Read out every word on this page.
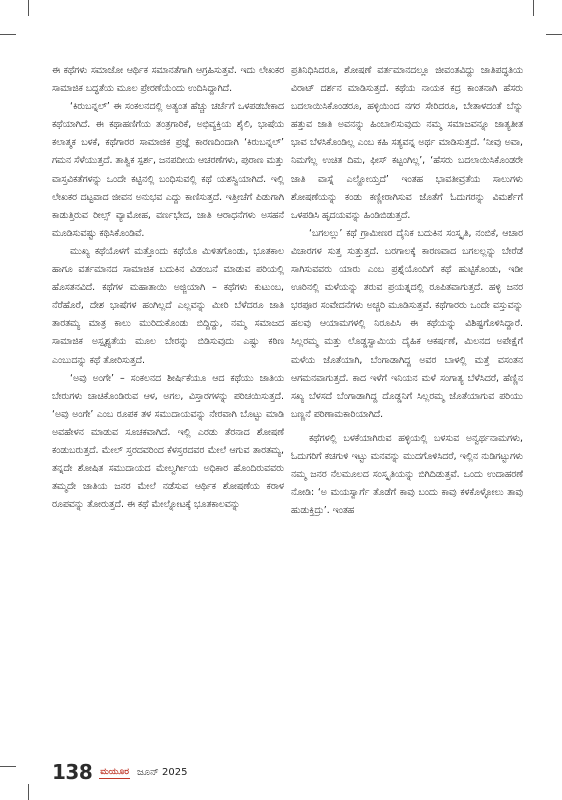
ಈ ಕಥೆಗಳು ಸಮಾಜೋ ಆರ್ಥಿಕ ಸಮಾನತೆಗಾಗಿ ಆಗ್ರಹಿಸುತ್ತವೆ. ಇದು ಲೇಖಕರ ಸಾಮಾಜಿಕ ಬದ್ಧತೆಯ ಮೂಲ ಪ್ರೇರಣೆಯೆಂದು ಉದಿಸಿದ್ದಾಗಿದೆ.

‘ಕಿರುಬನ್ನಲ್’ ಈ ಸಂಕಲನದಲ್ಲಿ ಅತ್ಯಂತ ಹೆಚ್ಚು ಚರ್ಚೆಗೆ ಒಳಪಡಬೇಕಾದ ಕಥೆಯಾಗಿದೆ. ಈ ಕಥಾಹಣಿಗೆಯ ತಂತ್ರಗಾರಿಕೆ, ಅಭಿವ್ಯಕ್ತಿಯ ಶೈಲಿ, ಭಾಷೆಯ ಕಲಾತ್ಮಕ ಬಳಕೆ, ಕಥೆಗಾರರ ಸಾಮಾಜಿಕ ಪ್ರಜ್ಞೆ ಕಾರಣದಿಂದಾಗಿ ‘ಕಿರುಬನ್ನಲ್’ ಗಮನ ಸೆಳೆಯುತ್ತದೆ. ತಾತ್ವಿಕ ಸ್ಪರ್ಶ, ಜನಪದೀಯ ಆಚರಣೆಗಳು, ಪುರಾಣ ಮತ್ತು ವಾಸ್ತವಿಕತೆಗಳನ್ನು ಒಂದೇ ಕಟ್ಟಿನಲ್ಲಿ ಬಂಧಿಸುವಲ್ಲಿ ಕಥೆ ಯಶಸ್ವಿಯಾಗಿದೆ. ಇಲ್ಲಿ ಲೇಖಕರ ದಟ್ಟವಾದ ಜೀವನ ಅನುಭವ ಎದ್ದು ಕಾಣಿಸುತ್ತದೆ. ಇತ್ತೀಚೆಗೆ ಪಿಡುಗಾಗಿ ಕಾಡುತ್ತಿರುವ ರೀಲ್ಸ್ ವ್ಯಾಮೋಹ, ವರ್ಣಭೇದ, ಜಾತಿ ಆರಾಧನೆಗಳು ಅಸಹನೆ ಮೂಡಿಸುವಷ್ಟು ಕಥಿಸಿಕೊಂಡಿವೆ.

ಮುಖ್ಯ ಕಥೆಯೊಳಗೆ ಮತ್ತೊಂದು ಕಥೆಯೊ ಮಿಳಿತಗೊಂಡು, ಭೂತಕಾಲ ಹಾಗೂ ವರ್ತಮಾನದ ಸಾಮಾಜಿಕ ಬದುಕಿನ ವಿಡಂಬನೆ ಮಾಡುವ ಪರಿಯಲ್ಲಿ ಹೊಸತನವಿದೆ. ಕಥೆಗಳ ಮಹಾತಾಯಿ ಅಜ್ಜಿಯಾಗಿ – ಕಥೆಗಳು ಕುಟುಂಬ, ನೆರೆಹೊರೆ, ದೇಶ ಭಾಷೆಗಳ ಹಂಗಿಲ್ಲದೆ ಎಲ್ಲವನ್ನು ಮೀರಿ ಬೆಳೆದರೂ ಜಾತಿ ತಾರತಮ್ಯ ಮಾತ್ರ ಕಾಲು ಮುರಿದುಕೊಂಡು ಬಿದ್ದಿದ್ದು, ನಮ್ಮ ಸಮಾಜದ ಸಾಮಾಜಿಕ ಅಸ್ಪೃಶ್ಯತೆಯ ಮೂಲ ಬೇರನ್ನು ಬಿಡಿಸುವುದು ಎಷ್ಟು ಕಠಿಣ ಎಂಬುದನ್ನು ಕಥೆ ತೋರಿಸುತ್ತದೆ.

‘ಅವು ಅಂಗೇ’ – ಸಂಕಲನದ ಶೀರ್ಷಿಕೆಯೂ ಆದ ಕಥೆಯು ಜಾತಿಯ ಬೇರುಗಳು ಚಾಚಿಕೊಂಡಿರುವ ಆಳ, ಅಗಲ, ವಿಸ್ತಾರಗಳನ್ನು ಪರಿಚಯಿಸುತ್ತದೆ. ‘ಅವು ಅಂಗೇ’ ಎಂಬ ರೂಪಕ ತಳ ಸಮುದಾಯವನ್ನು ನೇರವಾಗಿ ಬೊಟ್ಟು ಮಾಡಿ ಅವಹೇಳನ ಮಾಡುವ ಸೂಚಕವಾಗಿದೆ. ಇಲ್ಲಿ ಎರಡು ತೆರನಾದ ಶೋಷಣೆ ಕಂಡುಬರುತ್ತದೆ. ಮೇಲ್ ಸ್ತರದವರಿಂದ ಕೆಳಸ್ತರದವರ ಮೇಲೆ ಆಗುವ ತಾರತಮ್ಯ, ತನ್ನದೇ ಶೋಷಿತ ಸಮುದಾಯದ ಮೇಲ್ವರ್ಗೀಯ ಅಧಿಕಾರ ಹೊಂದಿರುವವರು ತಮ್ಮದೇ ಜಾತಿಯ ಜನರ ಮೇಲೆ ನಡೆಸುವ ಆರ್ಥಿಕ ಶೋಷಣೆಯ ಕರಾಳ ರೂಪವನ್ನು ತೋರುತ್ತದೆ. ಈ ಕಥೆ ಮೇಲ್ನೋಟಕ್ಕೆ ಭೂತಕಾಲವನ್ನು

ಪ್ರತಿನಿಧಿಸಿದರೂ, ಶೋಷಣೆ ವರ್ತಮಾನದಲ್ಲೂ ಜೀವಂತವಿದ್ದು ಜಾತಿಪದ್ಧತಿಯ ವಿರಾಟ್ ದರ್ಶನ ಮಾಡಿಸುತ್ತದೆ. ಕಥೆಯ ನಾಯಕ ಕದ್ರ ಕಾಂತನಾಗಿ ಹೆಸರು ಬದಲಾಯಿಸಿಕೊಂಡರೂ, ಹಳ್ಳಿಯಿಂದ ನಗರ ಸೇರಿದರೂ, ಬೇತಾಳದಂತೆ ಬೆನ್ನು ಹತ್ತುವ ಜಾತಿ ಅವನನ್ನು ಹಿಂಬಾಲಿಸುವುದು ನಮ್ಮ ಸಮಾಜವನ್ನೂ ಜಾತ್ಯತೀತ ಭಾವ ಬೆಳಸಿಕೊಂಡಿಲ್ಲ ಎಂಬ ಕಹಿ ಸತ್ಯವನ್ನ ಅರ್ಥ ಮಾಡಿಸುತ್ತದೆ. ‘ನೀವು ಅವಾ, ನಿಮಗೆಲ್ಲ ಉಚಿತ ದಿಮ, ಫೀಸ್ ಕಟ್ಟಂಗಿಲ್ಲ’, ‘ಹೆಸರು ಬದಲಾಯಿಸಿಕೊಂಡರೇ ಜಾತಿ ವಾಸ್ನೆ ಎಲ್ಹೋಯ್ತದೆ’ ಇಂತಹ ಭಾವತೀವ್ರತೆಯ ಸಾಲುಗಳು ಶೋಷಣೆಯನ್ನು ಕಂಡು ಕಣ್ಣೀರಾಗಿಸುವ ಜೊತೆಗೆ ಓದುಗರನ್ನು ವಿಮರ್ಶೆಗೆ ಒಳಪಡಿಸಿ ಹೃದಯವನ್ನು ಹಿಂಡಿಬಿಡುತ್ತದೆ.

‘ಬಗಲಲ್ಲು’ ಕಥೆ ಗ್ರಾಮೀಣರ ದೈನಿಕ ಬದುಕಿನ ಸಂಸ್ಕೃತಿ, ನಂಬಿಕೆ, ಆಚಾರ ವಿಚಾರಗಳ ಸುತ್ತ ಸುತ್ತುತ್ತದೆ. ಬರಗಾಲಕ್ಕೆ ಕಾರಣವಾದ ಬಗಲಲ್ಲನ್ನು ಬೇರೆಡೆ ಸಾಗಿಸುವವರು ಯಾರು ಎಂಬ ಪ್ರಶ್ನೆಯೊಂದಿಗೆ ಕಥೆ ಹುಟ್ಟಿಕೊಂಡು, ಇಡೀ ಊರಿನಲ್ಲಿ ಮಳೆಯನ್ನು ತರುವ ಪ್ರಯತ್ನದಲ್ಲಿ ರೂಪಿತವಾಗುತ್ತದೆ. ಹಳ್ಳಿ ಜನರ ಭರಪೂರ ಸಂವೇದನೆಗಳು ಅಚ್ಚರಿ ಮೂಡಿಸುತ್ತವೆ. ಕಥೆಗಾರರು ಒಂದೇ ವಸ್ತುವನ್ನು ಹಲವು ಆಯಾಮಗಳಲ್ಲಿ ನಿರೂಪಿಸಿ ಈ ಕಥೆಯನ್ನು ವಿಶಿಷ್ಟಗೊಳಿಸಿದ್ದಾರೆ. ಸಿಲ್ಲರಮ್ಮ ಮತ್ತು ಲೊಡ್ಡಸ್ವಾಮಿಯ ದೈಹಿಕ ಆಕರ್ಷಣೆ, ಮಿಲನದ ಅಪೇಕ್ಷೆಗೆ ಮಳೆಯ ಜೊತೆಯಾಗಿ, ಬೆಂಗಾಡಾಗಿದ್ದ ಅವರ ಬಾಳಲ್ಲಿ ಮತ್ತೆ ವಸಂತನ ಆಗಮನವಾಗುತ್ತದೆ. ಕಾದ ಇಳೆಗೆ ಇನಿಯನ ಮಳೆ ಸಂಗಾತ್ಯ ಬೆಳೆಸಿದರೆ, ಹೆಣ್ಣಿನ ಸಖ್ಯ ಬೆಳಸದೆ ಬೆಂಗಾಡಾಗಿದ್ದ ದೊಡ್ಡನಿಗೆ ಸಿಲ್ಲರಮ್ಮ ಜೊತೆಯಾಗುವ ಪರಿಯು ಬಣ್ಣನೆ ಪರಿಣಾಮಕಾರಿಯಾಗಿದೆ.

ಕಥೆಗಳಲ್ಲಿ ಬಳಕೆಯಾಗಿರುವ ಹಳ್ಳಿಯಲ್ಲಿ ಬಳಸುವ ಅನ್ವರ್ಥನಾಮಗಳು, ಓದುಗರಿಗೆ ಕಚಗುಳಿ ಇಟ್ಟು ಮನವನ್ನು ಮುದಗೊಳಿಸಿದರೆ, ಇಲ್ಲಿನ ನುಡಿಗಟ್ಟುಗಳು ನಮ್ಮ ಜನರ ನೆಲಮೂಲದ ಸಂಸ್ಕೃತಿಯನ್ನು ಬಿಗಿದಿಡುತ್ತವೆ. ಒಂದು ಉದಾಹರಣೆ ನೋಡಿ: ‘ಅ ಮಯಸ್ವಾರ್ಗೆ ತೊಡೆಗೆ ಕಾವು ಬಂದು ಕಾವು ಕಳಕೊಳ್ಳೋಲು ತಾವು ಹುಡುಕ್ತಿದ್ರು’. ಇಂತಹ

138 ಮಯೂರ ಜೂನ್ 2025
